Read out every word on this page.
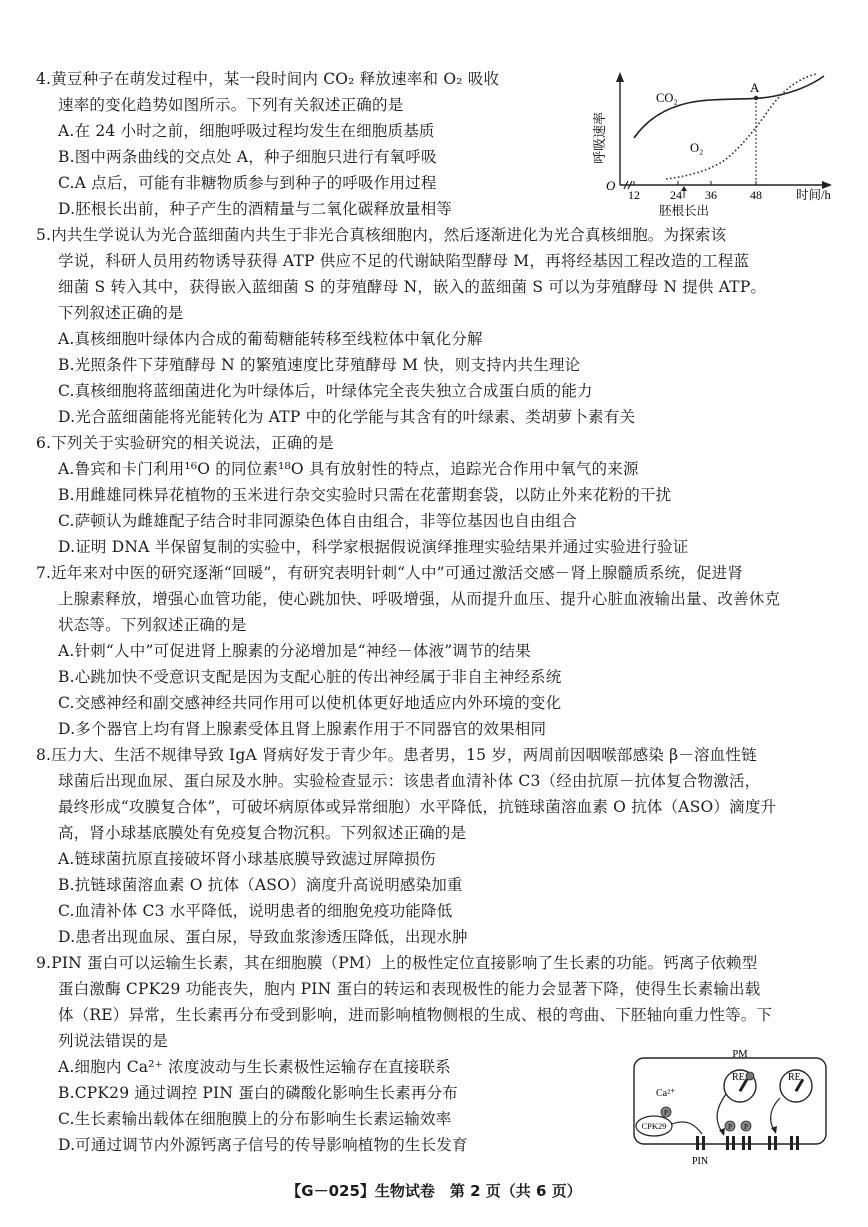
4.黄豆种子在萌发过程中，某一段时间内 CO₂ 释放速率和 O₂ 吸收
速率的变化趋势如图所示。下列有关叙述正确的是
A.在 24 小时之前，细胞呼吸过程均发生在细胞质基质
B.图中两条曲线的交点处 A，种子细胞只进行有氧呼吸
C.A 点后，可能有非糖物质参与到种子的呼吸作用过程
D.胚根长出前，种子产生的酒精量与二氧化碳释放量相等
呼吸速率
O
12	24 36	48	时间/h
胚根长出
A
CO₂
O₂
5.内共生学说认为光合蓝细菌内共生于非光合真核细胞内，然后逐渐进化为光合真核细胞。为探索该
学说，科研人员用药物诱导获得 ATP 供应不足的代谢缺陷型酵母 M，再将经基因工程改造的工程蓝
细菌 S 转入其中，获得嵌入蓝细菌 S 的芽殖酵母 N，嵌入的蓝细菌 S 可以为芽殖酵母 N 提供 ATP。
下列叙述正确的是
A.真核细胞叶绿体内合成的葡萄糖能转移至线粒体中氧化分解
B.光照条件下芽殖酵母 N 的繁殖速度比芽殖酵母 M 快，则支持内共生理论
C.真核细胞将蓝细菌进化为叶绿体后，叶绿体完全丧失独立合成蛋白质的能力
D.光合蓝细菌能将光能转化为 ATP 中的化学能与其含有的叶绿素、类胡萝卜素有关
6.下列关于实验研究的相关说法，正确的是
A.鲁宾和卡门利用¹⁶O 的同位素¹⁸O 具有放射性的特点，追踪光合作用中氧气的来源
B.用雌雄同株异花植物的玉米进行杂交实验时只需在花蕾期套袋，以防止外来花粉的干扰
C.萨顿认为雌雄配子结合时非同源染色体自由组合，非等位基因也自由组合
D.证明 DNA 半保留复制的实验中，科学家根据假说演绎推理实验结果并通过实验进行验证
7.近年来对中医的研究逐渐“回暖”，有研究表明针刺“人中”可通过激活交感－肾上腺髓质系统，促进肾
上腺素释放，增强心血管功能，使心跳加快、呼吸增强，从而提升血压、提升心脏血液输出量、改善休克
状态等。下列叙述正确的是
A.针刺“人中”可促进肾上腺素的分泌增加是“神经－体液”调节的结果
B.心跳加快不受意识支配是因为支配心脏的传出神经属于非自主神经系统
C.交感神经和副交感神经共同作用可以使机体更好地适应内外环境的变化
D.多个器官上均有肾上腺素受体且肾上腺素作用于不同器官的效果相同
8.压力大、生活不规律导致 IgA 肾病好发于青少年。患者男，15 岁，两周前因咽喉部感染 β－溶血性链
球菌后出现血尿、蛋白尿及水肿。实验检查显示：该患者血清补体 C3（经由抗原－抗体复合物激活，
最终形成“攻膜复合体”，可破坏病原体或异常细胞）水平降低，抗链球菌溶血素 O 抗体（ASO）滴度升
高，肾小球基底膜处有免疫复合物沉积。下列叙述正确的是
A.链球菌抗原直接破坏肾小球基底膜导致滤过屏障损伤
B.抗链球菌溶血素 O 抗体（ASO）滴度升高说明感染加重
C.血清补体 C3 水平降低，说明患者的细胞免疫功能降低
D.患者出现血尿、蛋白尿，导致血浆渗透压降低，出现水肿
9.PIN 蛋白可以运输生长素，其在细胞膜（PM）上的极性定位直接影响了生长素的功能。钙离子依赖型
蛋白激酶 CPK29 功能丧失，胞内 PIN 蛋白的转运和表现极性的能力会显著下降，使得生长素输出载
体（RE）异常，生长素再分布受到影响，进而影响植物侧根的生成、根的弯曲、下胚轴向重力性等。下
列说法错误的是
A.细胞内 Ca²⁺ 浓度波动与生长素极性运输存在直接联系
B.CPK29 通过调控 PIN 蛋白的磷酸化影响生长素再分布
C.生长素输出载体在细胞膜上的分布影响生长素运输效率
D.可通过调节内外源钙离子信号的传导影响植物的生长发育
PM
RE	RE
Ca²⁺
CPK29	P P
P
PIN
【G－025】生物试卷　第 2 页（共 6 页）
